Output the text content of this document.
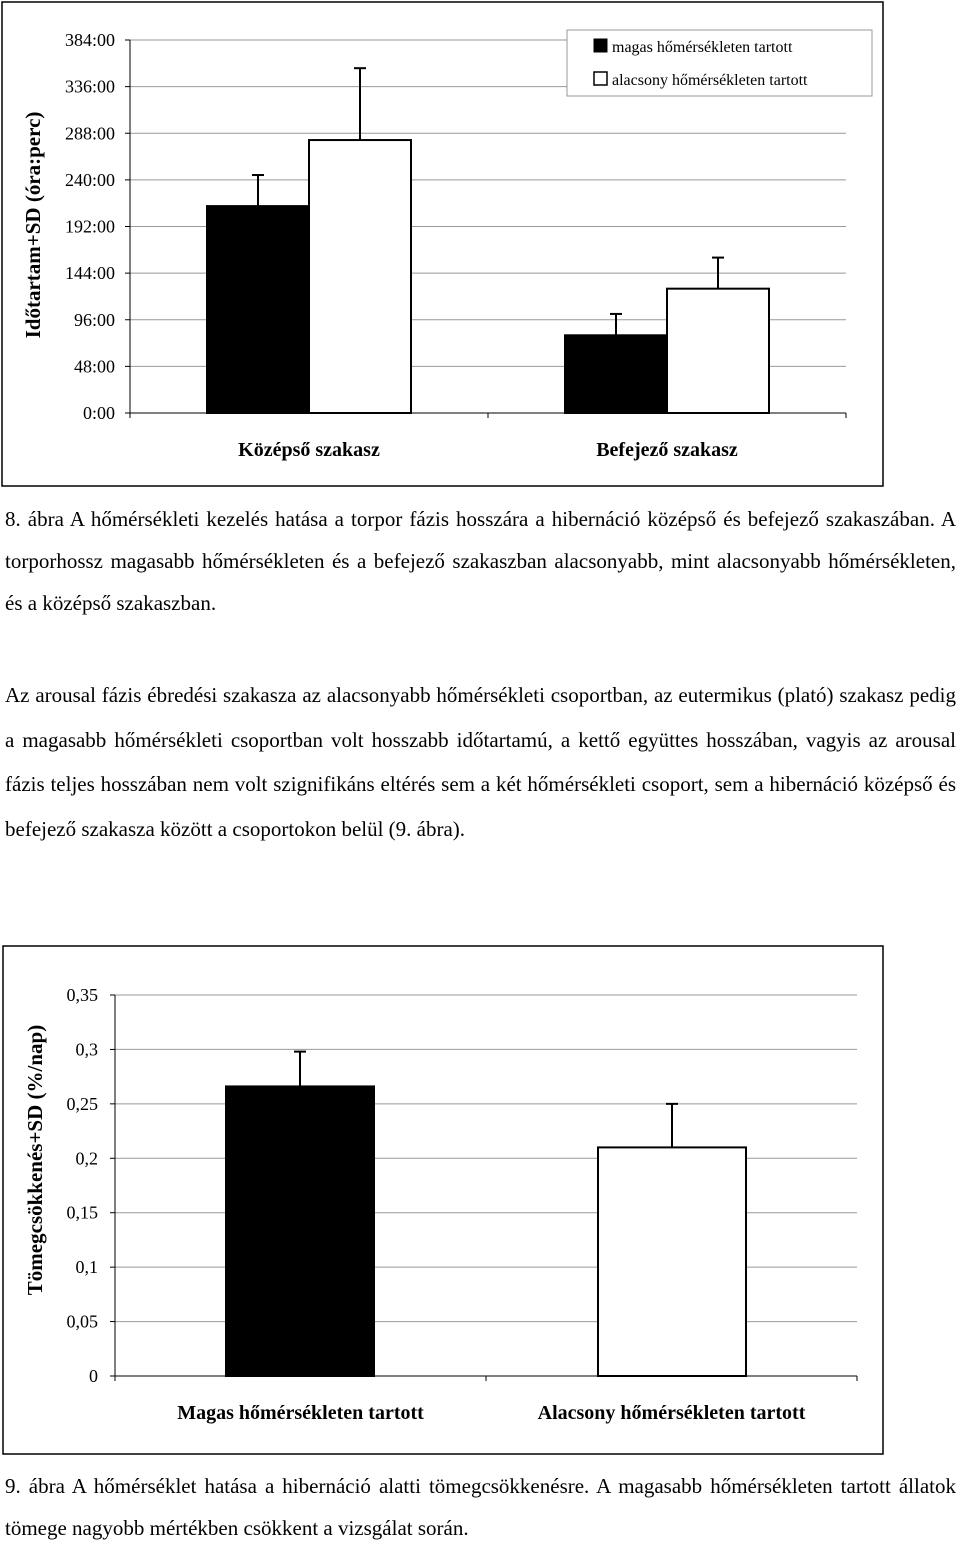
0:00
48:00
96:00
144:00
192:00
240:00
288:00
336:00
384:00
Középső szakasz	Befejező szakasz
Időtartam+SD (óra:perc)
magas hőmérsékleten tartott
alacsony hőmérsékleten tartott

8. ábra A hőmérsékleti kezelés hatása a torpor fázis hosszára a hibernáció középső és befejező szakaszában. A torporhossz magasabb hőmérsékleten és a befejező szakaszban alacsonyabb, mint alacsonyabb hőmérsékleten, és a középső szakaszban.

Az arousal fázis ébredési szakasza az alacsonyabb hőmérsékleti csoportban, az eutermikus (plató) szakasz pedig a magasabb hőmérsékleti csoportban volt hosszabb időtartamú, a kettő együttes hosszában, vagyis az arousal fázis teljes hosszában nem volt szignifikáns eltérés sem a két hőmérsékleti csoport, sem a hibernáció középső és befejező szakasza között a csoportokon belül (9. ábra).

0
0,05
0,1
0,15
0,2
0,25
0,3
0,35
Magas hőmérsékleten tartott	Alacsony hőmérsékleten tartott
Tömegcsökkenés+SD (%/nap)

9. ábra A hőmérséklet hatása a hibernáció alatti tömegcsökkenésre. A magasabb hőmérsékleten tartott állatok tömege nagyobb mértékben csökkent a vizsgálat során.
